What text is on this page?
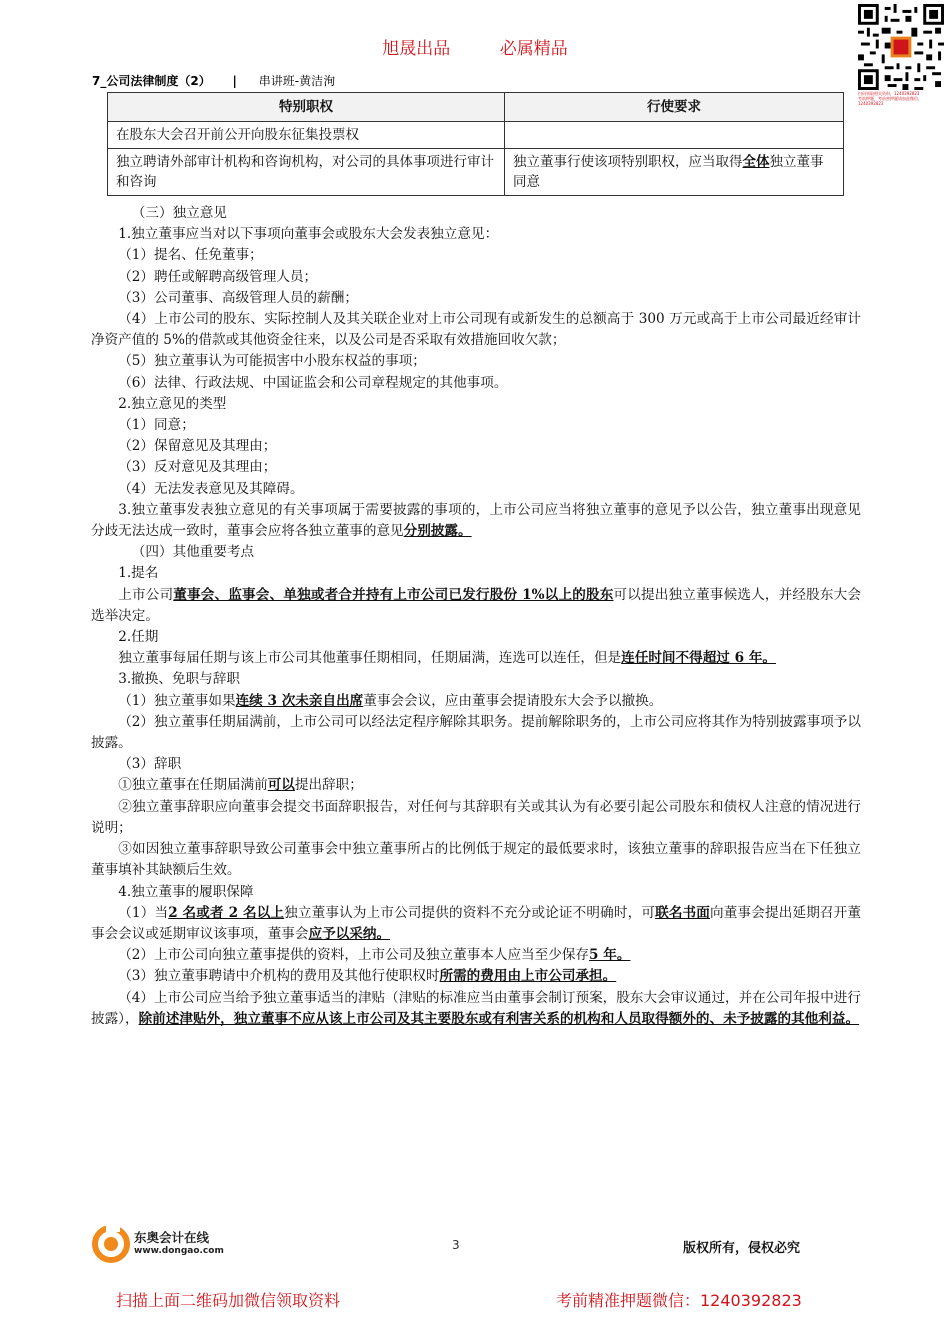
旭晟出品	必属精品
扫码领取相关资料，1240392823
考前押题，考前密押题请加此微信，1240392823
7_公司法律制度（2） | 串讲班-黄洁洵
特别职权	行使要求
在股东大会召开前公开向股东征集投票权	
独立聘请外部审计机构和咨询机构，对公司的具体事项进行审计和咨询	独立董事行使该项特别职权，应当取得全体独立董事同意

（三）独立意见

1.独立董事应当对以下事项向董事会或股东大会发表独立意见：

（1）提名、任免董事；

（2）聘任或解聘高级管理人员；

（3）公司董事、高级管理人员的薪酬；

（4）上市公司的股东、实际控制人及其关联企业对上市公司现有或新发生的总额高于 300 万元或高于上市公司最近经审计净资产值的 5%的借款或其他资金往来，以及公司是否采取有效措施回收欠款；

（5）独立董事认为可能损害中小股东权益的事项；

（6）法律、行政法规、中国证监会和公司章程规定的其他事项。

2.独立意见的类型

（1）同意；

（2）保留意见及其理由；

（3）反对意见及其理由；

（4）无法发表意见及其障碍。

3.独立董事发表独立意见的有关事项属于需要披露的事项的，上市公司应当将独立董事的意见予以公告，独立董事出现意见分歧无法达成一致时，董事会应将各独立董事的意见分别披露。

（四）其他重要考点

1.提名

上市公司董事会、监事会、单独或者合并持有上市公司已发行股份 1%以上的股东可以提出独立董事候选人，并经股东大会选举决定。

2.任期

独立董事每届任期与该上市公司其他董事任期相同，任期届满，连选可以连任，但是连任时间不得超过 6 年。

3.撤换、免职与辞职

（1）独立董事如果连续 3 次未亲自出席董事会会议，应由董事会提请股东大会予以撤换。

（2）独立董事任期届满前，上市公司可以经法定程序解除其职务。提前解除职务的，上市公司应将其作为特别披露事项予以披露。

（3）辞职

①独立董事在任期届满前可以提出辞职；

②独立董事辞职应向董事会提交书面辞职报告，对任何与其辞职有关或其认为有必要引起公司股东和债权人注意的情况进行说明；

③如因独立董事辞职导致公司董事会中独立董事所占的比例低于规定的最低要求时，该独立董事的辞职报告应当在下任独立董事填补其缺额后生效。

4.独立董事的履职保障

（1）当2 名或者 2 名以上独立董事认为上市公司提供的资料不充分或论证不明确时，可联名书面向董事会提出延期召开董事会会议或延期审议该事项，董事会应予以采纳。

（2）上市公司向独立董事提供的资料，上市公司及独立董事本人应当至少保存5 年。

（3）独立董事聘请中介机构的费用及其他行使职权时所需的费用由上市公司承担。

（4）上市公司应当给予独立董事适当的津贴（津贴的标准应当由董事会制订预案，股东大会审议通过，并在公司年报中进行披露），除前述津贴外，独立董事不应从该上市公司及其主要股东或有利害关系的机构和人员取得额外的、未予披露的其他利益。

东奥会计在线
www.dongao.com	3	版权所有，侵权必究
扫描上面二维码加微信领取资料	考前精准押题微信：1240392823
